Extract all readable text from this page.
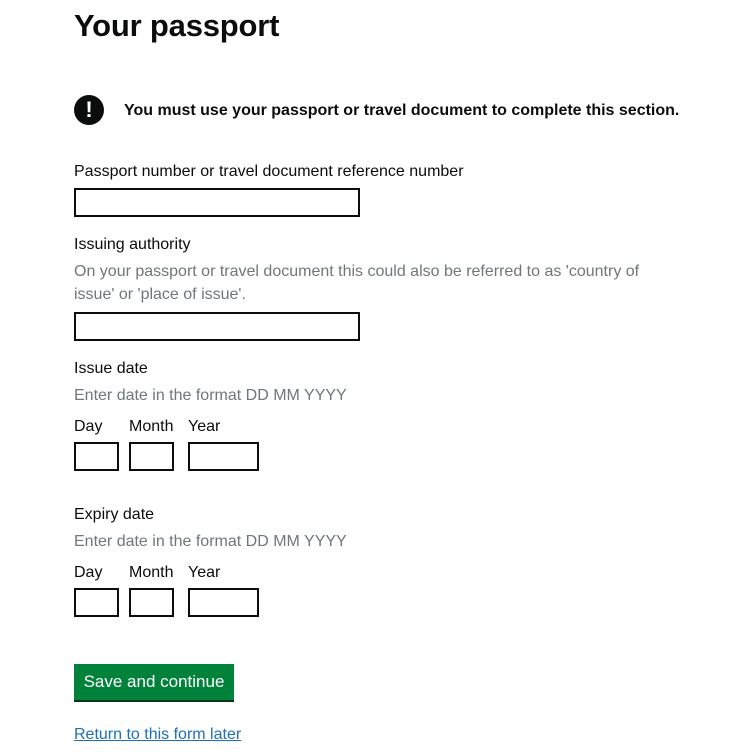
Your passport
!	You must use your passport or travel document to complete this section.
Passport number or travel document reference number
Issuing authority
On your passport or travel document this could also be referred to as 'country of
issue' or 'place of issue'.
Issue date
Enter date in the format DD MM YYYY
Day Month Year
Expiry date
Enter date in the format DD MM YYYY
Day Month Year
Save and continue
Return to this form later
